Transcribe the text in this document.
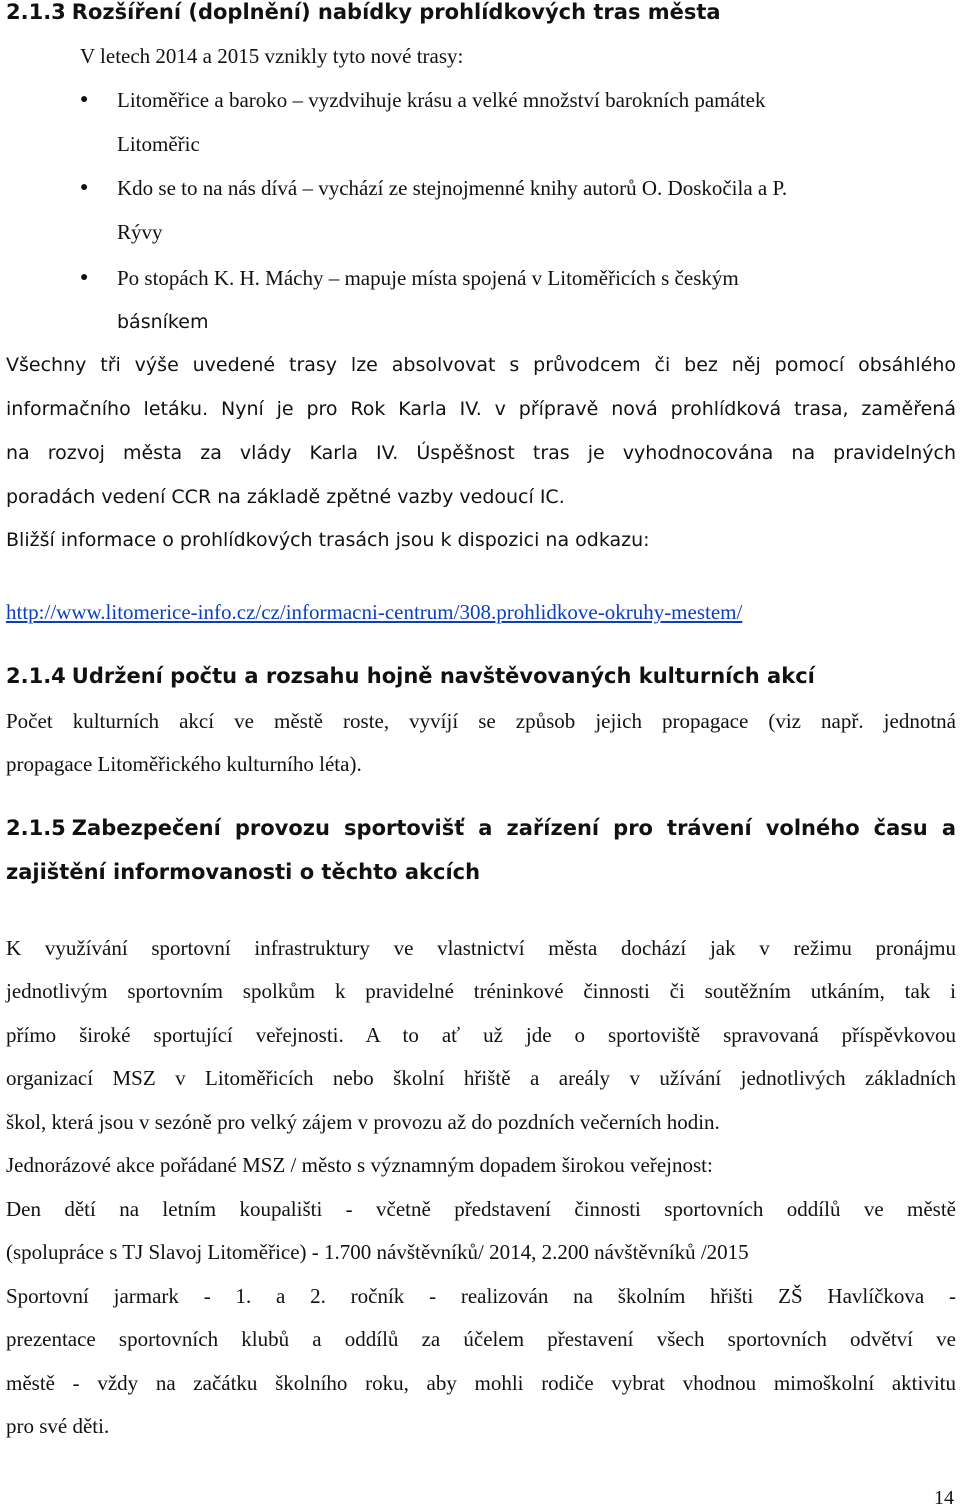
2.1.3 Rozšíření (doplnění) nabídky prohlídkových tras města
V letech 2014 a 2015 vznikly tyto nové trasy:
● Litoměřice a baroko – vyzdvihuje krásu a velké množství barokních památek
Litoměřic
● Kdo se to na nás dívá – vychází ze stejnojmenné knihy autorů O. Doskočila a P.
Rývy
● Po stopách K. H. Máchy – mapuje místa spojená v Litoměřicích s českým
básníkem
Všechny tři výše uvedené trasy lze absolvovat s průvodcem či bez něj pomocí obsáhlého
informačního letáku. Nyní je pro Rok Karla IV. v přípravě nová prohlídková trasa, zaměřená
na rozvoj města za vlády Karla IV. Úspěšnost tras je vyhodnocována na pravidelných
poradách vedení CCR na základě zpětné vazby vedoucí IC.
Bližší informace o prohlídkových trasách jsou k dispozici na odkazu:
http://www.litomerice-info.cz/cz/informacni-centrum/308.prohlidkove-okruhy-mestem/
2.1.4 Udržení počtu a rozsahu hojně navštěvovaných kulturních akcí
Počet kulturních akcí ve městě roste, vyvíjí se způsob jejich propagace (viz např. jednotná
propagace Litoměřického kulturního léta).
2.1.5 Zabezpečení provozu sportovišť a zařízení pro trávení volného času a
zajištění informovanosti o těchto akcích
K využívání sportovní infrastruktury ve vlastnictví města dochází jak v režimu pronájmu
jednotlivým sportovním spolkům k pravidelné tréninkové činnosti či soutěžním utkáním, tak i
přímo široké sportující veřejnosti. A to ať už jde o sportoviště spravovaná příspěvkovou
organizací MSZ v Litoměřicích nebo školní hřiště a areály v užívání jednotlivých základních
škol, která jsou v sezóně pro velký zájem v provozu až do pozdních večerních hodin.
Jednorázové akce pořádané MSZ / město s významným dopadem širokou veřejnost:
Den dětí na letním koupališti - včetně představení činnosti sportovních oddílů ve městě
(spolupráce s TJ Slavoj Litoměřice) - 1.700 návštěvníků/ 2014, 2.200 návštěvníků /2015
Sportovní jarmark - 1. a 2. ročník - realizován na školním hřišti ZŠ Havlíčkova -
prezentace sportovních klubů a oddílů za účelem přestavení všech sportovních odvětví ve
městě - vždy na začátku školního roku, aby mohli rodiče vybrat vhodnou mimoškolní aktivitu
pro své děti.
14
